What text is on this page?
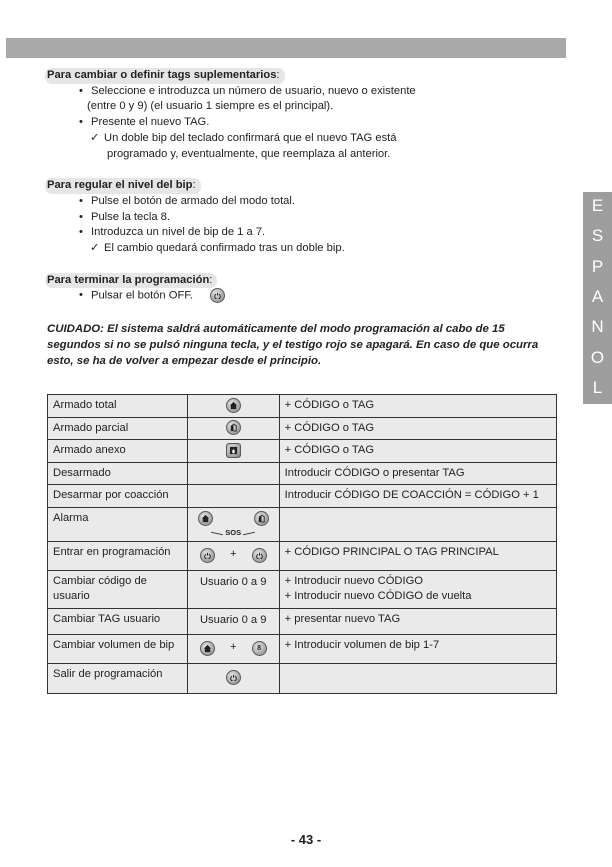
E
S
P
A
N
O
L
Para cambiar o definir tags suplementarios:
• Seleccione e introduzca un número de usuario, nuevo o existente
(entre 0 y 9) (el usuario 1 siempre es el principal).
• Presente el nuevo TAG.
✓ Un doble bip del teclado confirmará que el nuevo TAG está
programado y, eventualmente, que reemplaza al anterior.
Para regular el nivel del bip:
• Pulse el botón de armado del modo total.
• Pulse la tecla 8.
• Introduzca un nivel de bip de 1 a 7.
✓ El cambio quedará confirmado tras un doble bip.
Para terminar la programación:
• Pulsar el botón OFF.
CUIDADO: El sistema saldrá automáticamente del modo programación al cabo de 15 segundos si no se pulsó ninguna tecla, y el testigo rojo se apagará. En caso de que ocurra esto, se ha de volver a empezar desde el principio.
Armado total		+ CÓDIGO o TAG
Armado parcial		+ CÓDIGO o TAG
Armado anexo		+ CÓDIGO o TAG
Desarmado		Introducir CÓDIGO o presentar TAG
Desarmar por coacción		Introducir CÓDIGO DE COACCIÓN = CÓDIGO + 1
Alarma	SOS	

Entrar en programación	+	+ CÓDIGO PRINCIPAL O TAG PRINCIPAL
Cambiar código de usuario	Usuario 0 a 9	+ Introducir nuevo CÓDIGO
+ Introducir nuevo CÓDIGO de vuelta

Cambiar TAG usuario	Usuario 0 a 9	+ presentar nuevo TAG
Cambiar volumen de bip	+ 8	+ Introducir volumen de bip 1-7
Salir de programación	

- 43 -
